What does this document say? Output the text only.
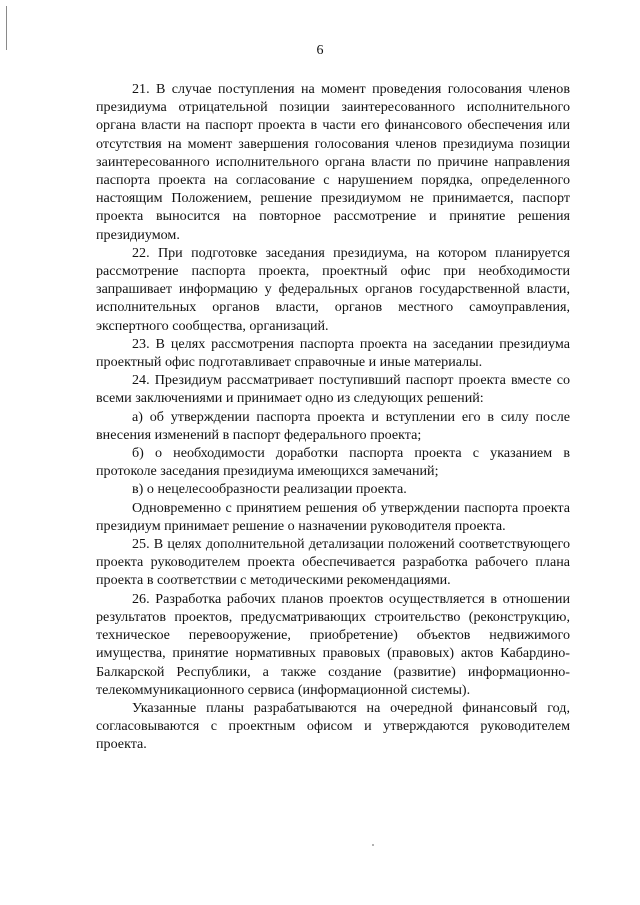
6

21. В случае поступления на момент проведения голосования членов президиума отрицательной позиции заинтересованного исполнительного органа власти на паспорт проекта в части его финансового обеспечения или отсутствия на момент завершения голосования членов президиума позиции заинтересованного исполнительного органа власти по причине направления паспорта проекта на согласование с нарушением порядка, определенного настоящим Положением, решение президиумом не принимается, паспорт проекта выносится на повторное рассмотрение и принятие решения президиумом.

22. При подготовке заседания президиума, на котором планируется рассмотрение паспорта проекта, проектный офис при необходимости запрашивает информацию у федеральных органов государственной власти, исполнительных органов власти, органов местного самоуправления, экспертного сообщества, организаций.

23. В целях рассмотрения паспорта проекта на заседании президиума проектный офис подготавливает справочные и иные материалы.

24. Президиум рассматривает поступивший паспорт проекта вместе со всеми заключениями и принимает одно из следующих решений:

а) об утверждении паспорта проекта и вступлении его в силу после внесения изменений в паспорт федерального проекта;

б) о необходимости доработки паспорта проекта с указанием в протоколе заседания президиума имеющихся замечаний;

в) о нецелесообразности реализации проекта.

Одновременно с принятием решения об утверждении паспорта проекта президиум принимает решение о назначении руководителя проекта.

25. В целях дополнительной детализации положений соответствующего проекта руководителем проекта обеспечивается разработка рабочего плана проекта в соответствии с методическими рекомендациями.

26. Разработка рабочих планов проектов осуществляется в отношении результатов проектов, предусматривающих строительство (реконструкцию, техническое перевооружение, приобретение) объектов недвижимого имущества, принятие нормативных правовых (правовых) актов Кабардино-Балкарской Республики, а также создание (развитие) информационно-телекоммуникационного сервиса (информационной системы).

Указанные планы разрабатываются на очередной финансовый год, согласовываются с проектным офисом и утверждаются руководителем проекта.
